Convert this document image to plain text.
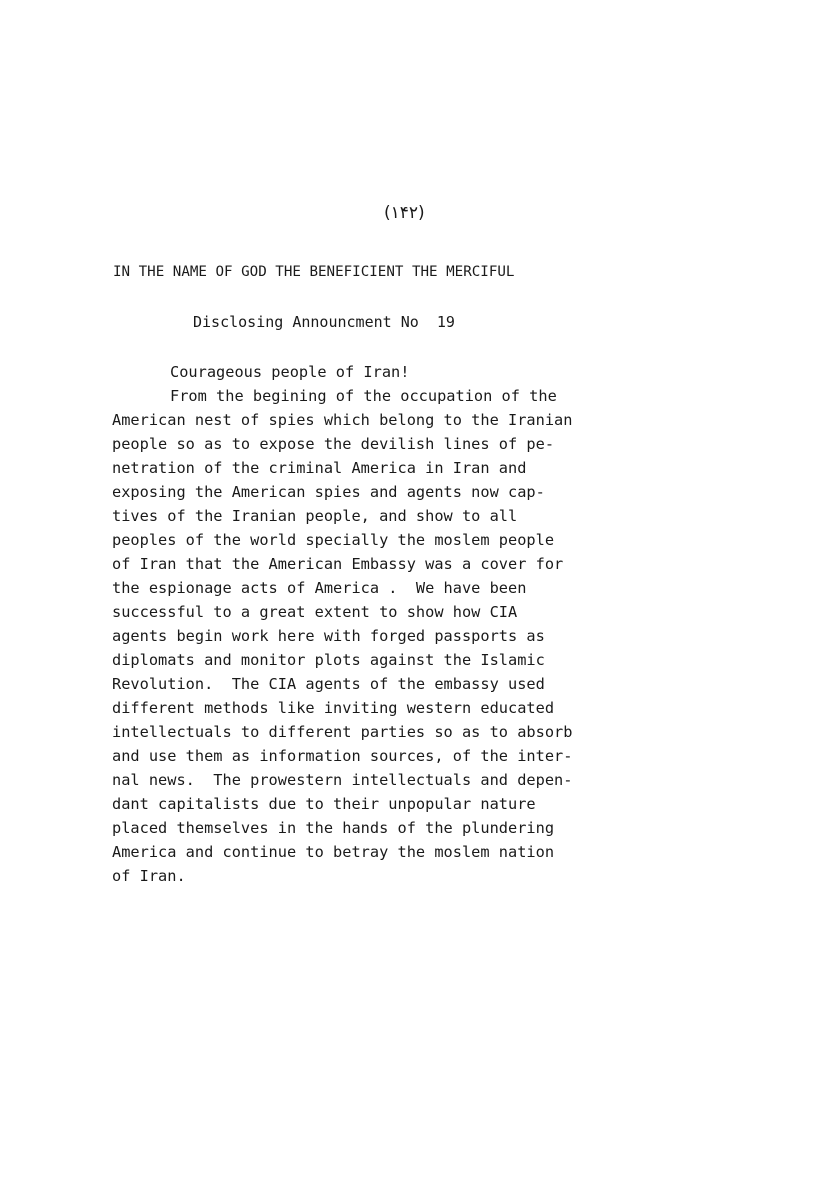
(۱۴۲)
IN THE NAME OF GOD THE BENEFICIENT THE MERCIFUL
Disclosing Announcment No  19
Courageous people of Iran!
From the begining of the occupation of the
American nest of spies which belong to the Iranian
people so as to expose the devilish lines of pe-
netration of the criminal America in Iran and
exposing the American spies and agents now cap-
tives of the Iranian people, and show to all
peoples of the world specially the moslem people
of Iran that the American Embassy was a cover for
the espionage acts of America .  We have been
successful to a great extent to show how CIA
agents begin work here with forged passports as
diplomats and monitor plots against the Islamic
Revolution.  The CIA agents of the embassy used
different methods like inviting western educated
intellectuals to different parties so as to absorb
and use them as information sources, of the inter-
nal news.  The prowestern intellectuals and depen-
dant capitalists due to their unpopular nature
placed themselves in the hands of the plundering
America and continue to betray the moslem nation
of Iran.
